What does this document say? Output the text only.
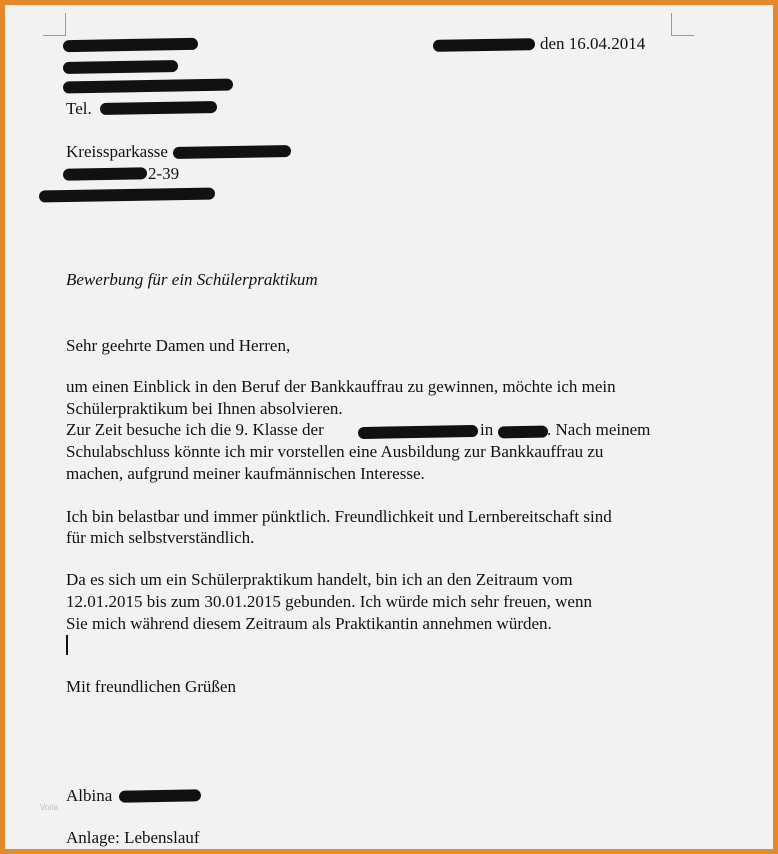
Tel.
den 16.04.2014
Kreissparkasse
2-39
Bewerbung für ein Schülerpraktikum
Sehr geehrte Damen und Herren,
um einen Einblick in den Beruf der Bankkauffrau zu gewinnen, möchte ich mein
Schülerpraktikum bei Ihnen absolvieren.
Zur Zeit besuche ich die 9. Klasse der	in	. Nach meinem
Schulabschluss könnte ich mir vorstellen eine Ausbildung zur Bankkauffrau zu
machen, aufgrund meiner kaufmännischen Interesse.
Ich bin belastbar und immer pünktlich. Freundlichkeit und Lernbereitschaft sind
für mich selbstverständlich.
Da es sich um ein Schülerpraktikum handelt, bin ich an den Zeitraum vom
12.01.2015 bis zum 30.01.2015 gebunden. Ich würde mich sehr freuen, wenn
Sie mich während diesem Zeitraum als Praktikantin annehmen würden.
Mit freundlichen Grüßen
Albina
Vorla
Anlage: Lebenslauf
